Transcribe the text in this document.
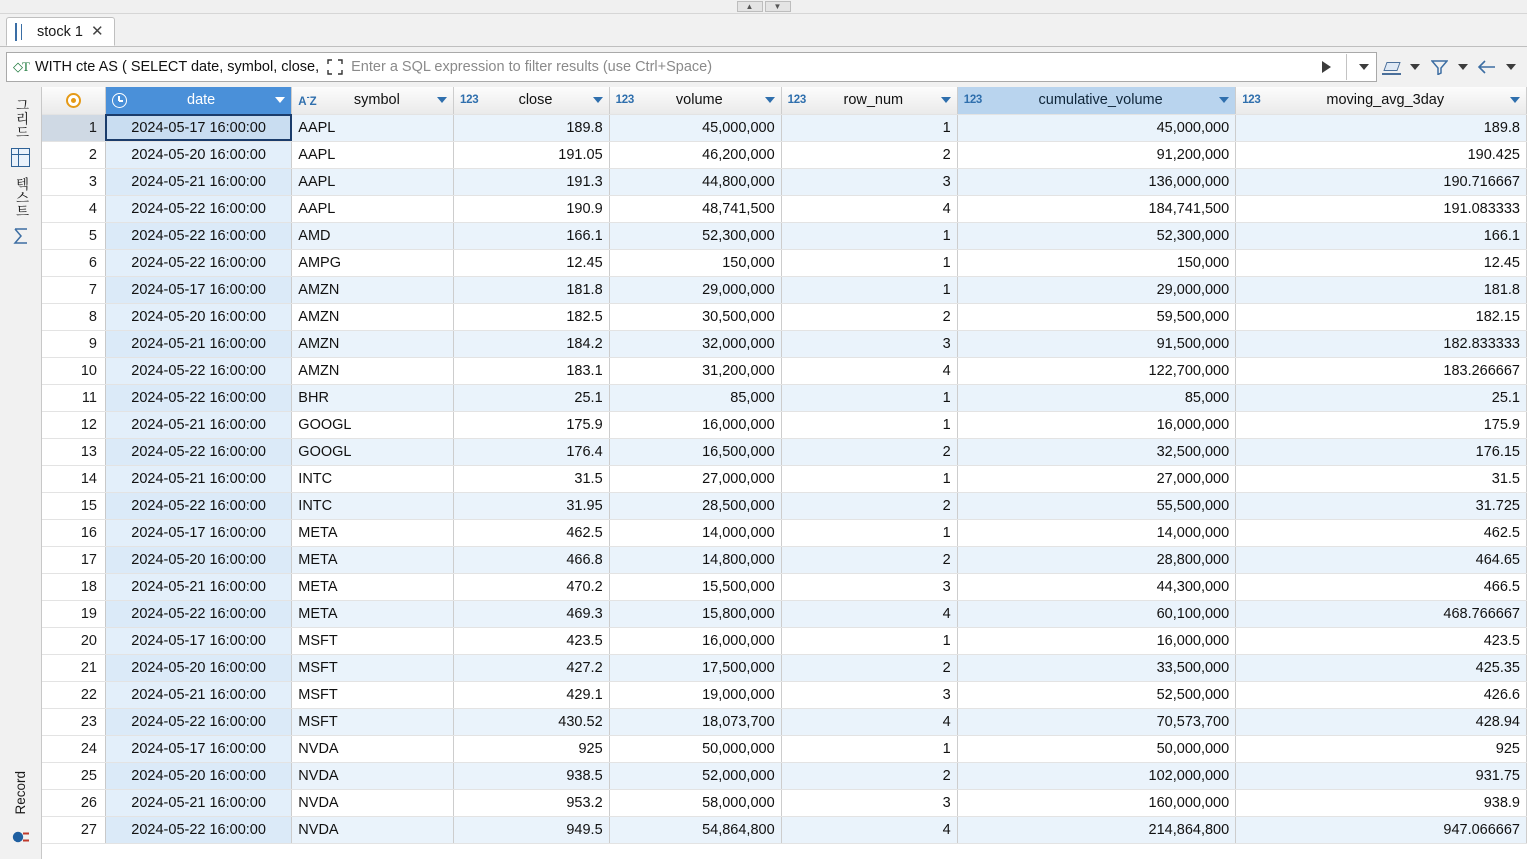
▲	▼
stock 1 ✕
◇T WITH cte AS ( SELECT date, symbol, close, Enter a SQL expression to filter results (use Ctrl+Space)
그리드
텍스트
Record

	date	A-Z symbol	123 close	123 volume	123 row_num	123 cumulative_volume	123 moving_avg_3day

1	2024-05-17 16:00:00	AAPL	189.8	45,000,000	1	45,000,000	189.8
2	2024-05-20 16:00:00	AAPL	191.05	46,200,000	2	91,200,000	190.425
3	2024-05-21 16:00:00	AAPL	191.3	44,800,000	3	136,000,000	190.716667
4	2024-05-22 16:00:00	AAPL	190.9	48,741,500	4	184,741,500	191.083333
5	2024-05-22 16:00:00	AMD	166.1	52,300,000	1	52,300,000	166.1
6	2024-05-22 16:00:00	AMPG	12.45	150,000	1	150,000	12.45
7	2024-05-17 16:00:00	AMZN	181.8	29,000,000	1	29,000,000	181.8
8	2024-05-20 16:00:00	AMZN	182.5	30,500,000	2	59,500,000	182.15
9	2024-05-21 16:00:00	AMZN	184.2	32,000,000	3	91,500,000	182.833333
10	2024-05-22 16:00:00	AMZN	183.1	31,200,000	4	122,700,000	183.266667
11	2024-05-22 16:00:00	BHR	25.1	85,000	1	85,000	25.1
12	2024-05-21 16:00:00	GOOGL	175.9	16,000,000	1	16,000,000	175.9
13	2024-05-22 16:00:00	GOOGL	176.4	16,500,000	2	32,500,000	176.15
14	2024-05-21 16:00:00	INTC	31.5	27,000,000	1	27,000,000	31.5
15	2024-05-22 16:00:00	INTC	31.95	28,500,000	2	55,500,000	31.725
16	2024-05-17 16:00:00	META	462.5	14,000,000	1	14,000,000	462.5
17	2024-05-20 16:00:00	META	466.8	14,800,000	2	28,800,000	464.65
18	2024-05-21 16:00:00	META	470.2	15,500,000	3	44,300,000	466.5
19	2024-05-22 16:00:00	META	469.3	15,800,000	4	60,100,000	468.766667
20	2024-05-17 16:00:00	MSFT	423.5	16,000,000	1	16,000,000	423.5
21	2024-05-20 16:00:00	MSFT	427.2	17,500,000	2	33,500,000	425.35
22	2024-05-21 16:00:00	MSFT	429.1	19,000,000	3	52,500,000	426.6
23	2024-05-22 16:00:00	MSFT	430.52	18,073,700	4	70,573,700	428.94
24	2024-05-17 16:00:00	NVDA	925	50,000,000	1	50,000,000	925
25	2024-05-20 16:00:00	NVDA	938.5	52,000,000	2	102,000,000	931.75
26	2024-05-21 16:00:00	NVDA	953.2	58,000,000	3	160,000,000	938.9
27	2024-05-22 16:00:00	NVDA	949.5	54,864,800	4	214,864,800	947.066667
